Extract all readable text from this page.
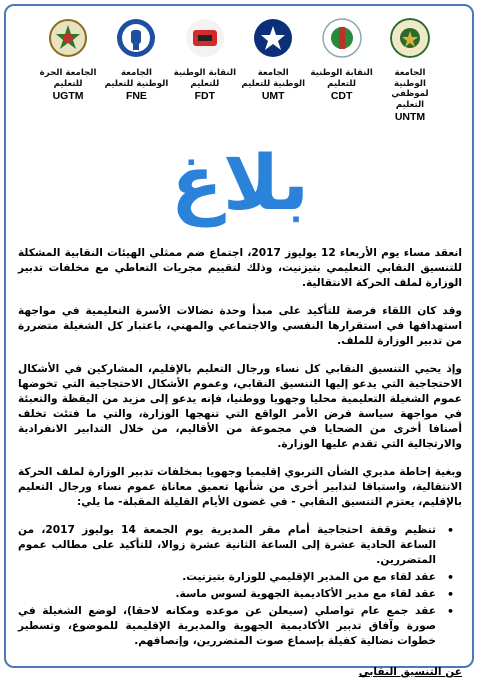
الجامعة الحرة للتعليم
UGTM
الجامعة الوطنية للتعليم
FNE
النقابة الوطنية للتعليم
FDT
الجامعة الوطنية للتعليم
UMT
النقابة الوطنية للتعليم
CDT
الجامعة الوطنية لموظفي التعليم
UNTM
بلاغ

انعقد مساء يوم الأربعاء 12 يوليوز 2017، اجتماع ضم ممثلي الهيئات النقابية المشكلة للتنسيق النقابي التعليمي بتيزنيت، وذلك لتقييم مجريات التعاطي مع مخلفات تدبير الوزارة لملف الحركة الانتقالية.

وقد كان اللقاء فرصة للتأكيد على مبدأ وحدة نضالات الأسرة التعليمية في مواجهة استهدافها في استقرارها النفسي والاجتماعي والمهني، باعتبار كل الشغيلة متضررة من تدبير الوزارة للملف.

وإذ يحيي التنسيق النقابي كل نساء ورجال التعليم بالإقليم، المشاركين في الأشكال الاحتجاجية التي يدعو إليها التنسيق النقابي، وعموم الأشكال الاحتجاجية التي تخوضها عموم الشغيلة التعليمية محليا وجهويا ووطنيا، فإنه يدعو إلى مزيد من اليقظة والتعبئة في مواجهة سياسة فرض الأمر الواقع التي تنهجها الوزارة، والتي ما فتئت تخلف أصنافا أخرى من الضحايا في مجموعة من الأقاليم، من خلال التدابير الانفرادية والارتجالية التي تقدم عليها الوزارة.

وبغية إحاطة مديري الشأن التربوي إقليميا وجهويا بمخلفات تدبير الوزارة لملف الحركة الانتقالية، واستباقا لتدابير أخرى من شأنها تعميق معاناة عموم نساء ورجال التعليم بالإقليم، يعتزم التنسيق النقابي - في غضون الأيام القليلة المقبلة- ما يلي:

•
تنظيم وقفة احتجاجية أمام مقر المديرية يوم الجمعة 14 يوليوز 2017، من الساعة الحادية عشرة إلى الساعة الثانية عشرة زوالا، للتأكيد على مطالب عموم المتضررين.
•
عقد لقاء مع من المدير الإقليمي للوزارة بتيزنيت.
•
عقد لقاء مع مدير الأكاديمية الجهوية لسوس ماسة.
•
عقد جمع عام تواصلي (سيعلن عن موعده ومكانه لاحقا)، لوضع الشغيلة في صورة وآفاق تدبير الأكاديمية الجهوية والمديرية الإقليمية للموضوع، وتسطير خطوات نضالية كفيلة بإسماع صوت المتضررين، وإنصافهم.
عن التنسيق النقابي
